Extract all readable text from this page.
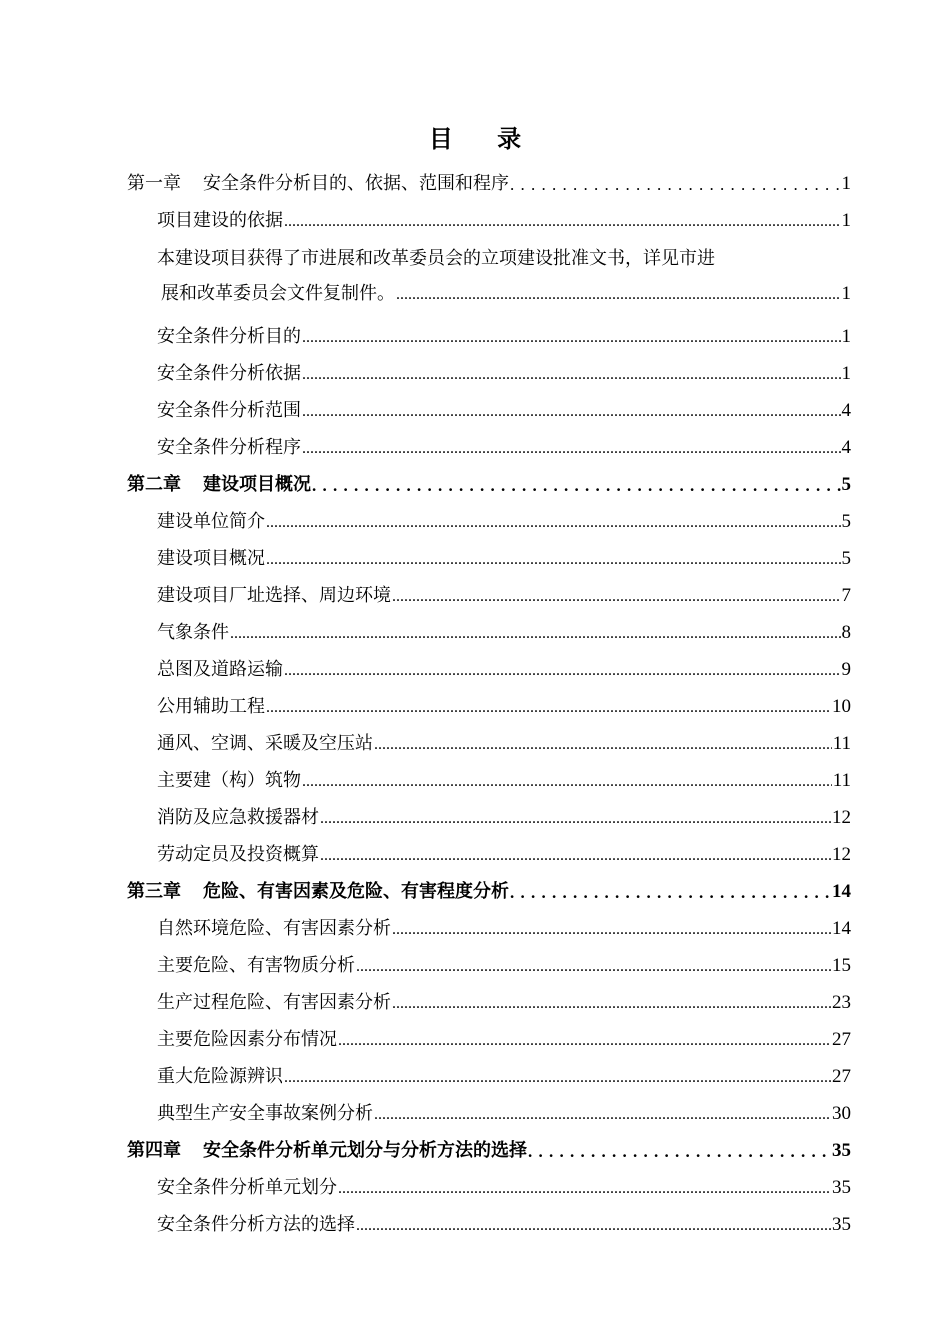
目 录
第一章 安全条件分析目的、依据、范围和程序 . . .	1
项目建设的依据 .....	1
本建设项目获得了市进展和改革委员会的立项建设批准文书，详见市进
展和改革委员会文件复制件。 .....	1
安全条件分析目的 .....	1
安全条件分析依据 .....	1
安全条件分析范围 .....	4
安全条件分析程序 .....	4
第二章 建设项目概况 . . .	5
建设单位简介 .....	5
建设项目概况 .....	5
建设项目厂址选择、周边环境 .....	7
气象条件 .....	8
总图及道路运输 .....	9
公用辅助工程 .....	10
通风、空调、采暖及空压站 .....	11
主要建（构）筑物 .....	11
消防及应急救援器材 .....	12
劳动定员及投资概算 .....	12
第三章 危险、有害因素及危险、有害程度分析 . . .	14
自然环境危险、有害因素分析 .....	14
主要危险、有害物质分析 .....	15
生产过程危险、有害因素分析 .....	23
主要危险因素分布情况 .....	27
重大危险源辨识 .....	27
典型生产安全事故案例分析 .....	30
第四章 安全条件分析单元划分与分析方法的选择 . . .	35
安全条件分析单元划分 .....	35
安全条件分析方法的选择 .....	35
